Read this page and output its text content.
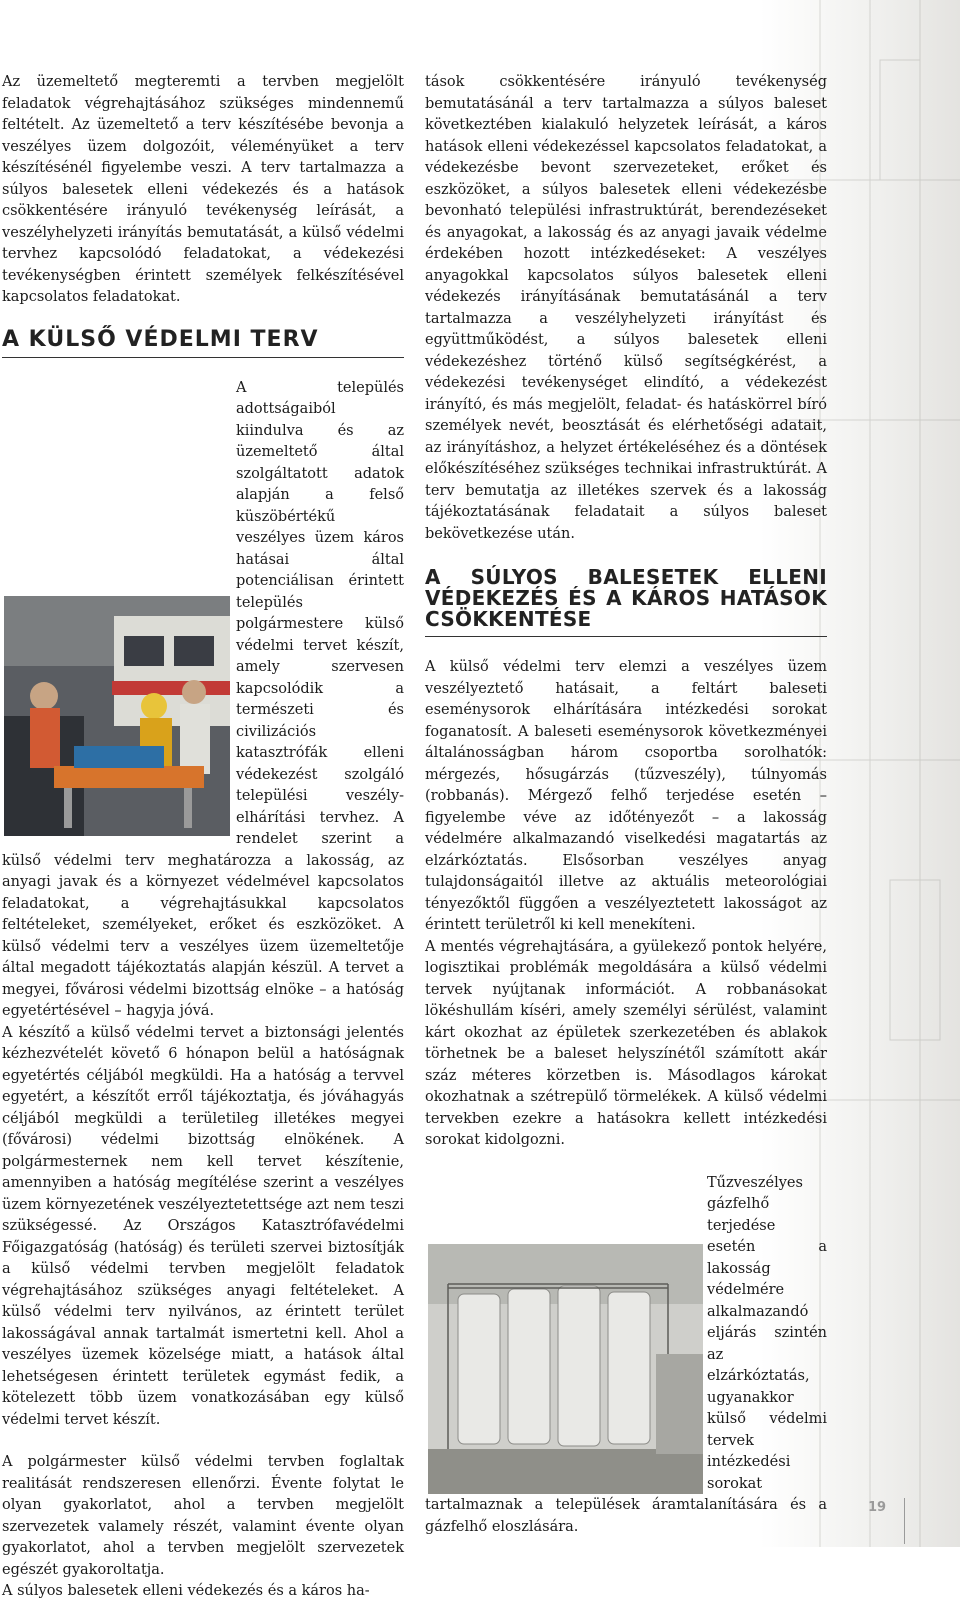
Az üzemeltető megteremti a tervben megjelölt feladatok végrehajtásához szükséges mindennemű feltételt. Az üzemeltető a terv készítésébe bevonja a veszélyes üzem dolgozóit, véleményüket a terv készítésénél figyelembe veszi. A terv tartalmazza a súlyos balesetek elleni védekezés és a hatások csökkentésére irányuló tevékenység leírását, a veszélyhelyzeti irányítás bemutatását, a külső védelmi tervhez kapcsolódó feladatokat, a védekezési tevékenységben érintett személyek felkészítésével kapcsolatos feladatokat.

A KÜLSŐ VÉDELMI TERV

A település adottságaiból kiindulva és az üzemeltető által szolgáltatott adatok alapján a felső küszöbértékű veszélyes üzem káros hatásai által potenciálisan érintett település polgármestere külső védelmi tervet készít, amely szervesen kapcsolódik a természeti és civilizációs katasztrófák elleni védekezést szolgáló települési veszély-elhárítási tervhez. A rendelet szerint a külső védelmi terv meghatározza a lakosság, az anyagi javak és a környezet védelmével kapcsolatos feladatokat, a végrehajtásukkal kapcsolatos feltételeket, személyeket, erőket és eszközöket. A külső védelmi terv a veszélyes üzem üzemeltetője által megadott tájékoztatás alapján készül. A tervet a megyei, fővárosi védelmi bizottság elnöke – a hatóság egyetértésével – hagyja jóvá.

A készítő a külső védelmi tervet a biztonsági jelentés kézhezvételét követő 6 hónapon belül a hatóságnak egyetértés céljából megküldi. Ha a hatóság a tervvel egyetért, a készítőt erről tájékoztatja, és jóváhagyás céljából megküldi a területileg illetékes megyei (fővárosi) védelmi bizottság elnökének. A polgármesternek nem kell tervet készítenie, amennyiben a hatóság megítélése szerint a veszélyes üzem környezetének veszélyeztetettsége azt nem teszi szükségessé. Az Országos Katasztrófavédelmi Főigazgatóság (hatóság) és területi szervei biztosítják a külső védelmi tervben megjelölt feladatok végrehajtásához szükséges anyagi feltételeket. A külső védelmi terv nyilvános, az érintett terület lakosságával annak tartalmát ismertetni kell. Ahol a veszélyes üzemek közelsége miatt, a hatások által lehetségesen érintett területek egymást fedik, a kötelezett több üzem vonatkozásában egy külső védelmi tervet készít.

A polgármester külső védelmi tervben foglaltak realitását rendszeresen ellenőrzi. Évente folytat le olyan gyakorlatot, ahol a tervben megjelölt szervezetek valamely részét, valamint évente olyan gyakorlatot, ahol a tervben megjelölt szervezetek egészét gyakoroltatja.

A súlyos balesetek elleni védekezés és a káros ha-

tások csökkentésére irányuló tevékenység bemutatásánál a terv tartalmazza a súlyos baleset következtében kialakuló helyzetek leírását, a káros hatások elleni védekezéssel kapcsolatos feladatokat, a védekezésbe bevont szervezeteket, erőket és eszközöket, a súlyos balesetek elleni védekezésbe bevonható települési infrastruktúrát, berendezéseket és anyagokat, a lakosság és az anyagi javaik védelme érdekében hozott intézkedéseket: A veszélyes anyagokkal kapcsolatos súlyos balesetek elleni védekezés irányításának bemutatásánál a terv tartalmazza a veszélyhelyzeti irányítást és együttműködést, a súlyos balesetek elleni védekezéshez történő külső segítségkérést, a védekezési tevékenységet elindító, a védekezést irányító, és más megjelölt, feladat- és hatáskörrel bíró személyek nevét, beosztását és elérhetőségi adatait, az irányításhoz, a helyzet értékeléséhez és a döntések előkészítéséhez szükséges technikai infrastruktúrát. A terv bemutatja az illetékes szervek és a lakosság tájékoztatásának feladatait a súlyos baleset bekövetkezése után.

A SÚLYOS BALESETEK ELLENI VÉDEKEZÉS ÉS A KÁROS HATÁSOK CSÖKKENTÉSE

A külső védelmi terv elemzi a veszélyes üzem veszélyeztető hatásait, a feltárt baleseti eseménysorok elhárítására intézkedési sorokat foganatosít. A baleseti eseménysorok következményei általánosságban három csoportba sorolhatók: mérgezés, hősugárzás (tűzveszély), túlnyomás (robbanás). Mérgező felhő terjedése esetén – figyelembe véve az időtényezőt – a lakosság védelmére alkalmazandó viselkedési magatartás az elzárkóztatás. Elsősorban veszélyes anyag tulajdonságaitól illetve az aktuális meteorológiai tényezőktől függően a veszélyeztetett lakosságot az érintett területről ki kell menekíteni.

A mentés végrehajtására, a gyülekező pontok helyére, logisztikai problémák megoldására a külső védelmi tervek nyújtanak információt. A robbanásokat lökéshullám kíséri, amely személyi sérülést, valamint kárt okozhat az épületek szerkezetében és ablakok törhetnek be a baleset helyszínétől számított akár száz méteres körzetben is. Másodlagos károkat okozhatnak a szétrepülő törmelékek. A külső védelmi tervekben ezekre a hatásokra kellett intézkedési sorokat kidolgozni.

Tűzveszélyes gázfelhő terjedése esetén a lakosság védelmére alkalmazandó eljárás szintén az elzárkóztatás, ugyanakkor külső védelmi tervek intézkedési sorokat tartalmaznak a települések áramtalanítására és a gázfelhő eloszlására.

19
